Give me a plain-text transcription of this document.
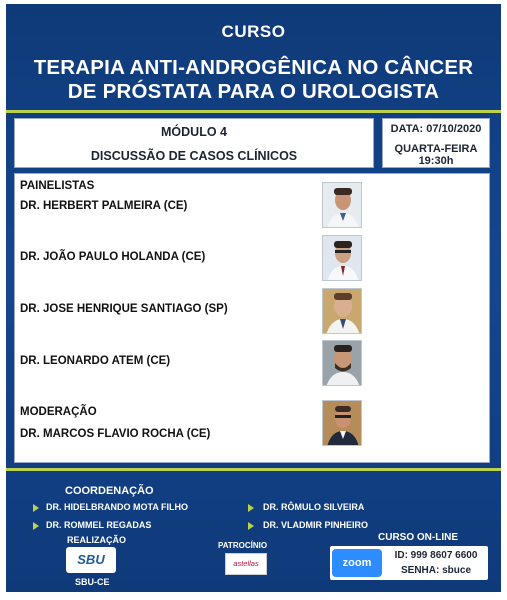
CURSO
TERAPIA ANTI-ANDROGÊNICA NO CÂNCER
DE PRÓSTATA PARA O UROLOGISTA
MÓDULO 4
DISCUSSÃO DE CASOS CLÍNICOS
DATA: 07/10/2020
QUARTA-FEIRA
19:30h
PAINELISTAS
DR. HERBERT PALMEIRA (CE)
DR. JOÃO PAULO HOLANDA (CE)
DR. JOSE HENRIQUE SANTIAGO (SP)
DR. LEONARDO ATEM (CE)
MODERAÇÃO
DR. MARCOS FLAVIO ROCHA (CE)
COORDENAÇÃO
DR. HIDELBRANDO MOTA FILHO
DR. ROMMEL REGADAS
DR. RÔMULO SILVEIRA
DR. VLADMIR PINHEIRO
REALIZAÇÃO
SBU
SBU-CE
PATROCÍNIO
astellas
CURSO ON-LINE
zoom
ID: 999 8607 6600
SENHA: sbuce
